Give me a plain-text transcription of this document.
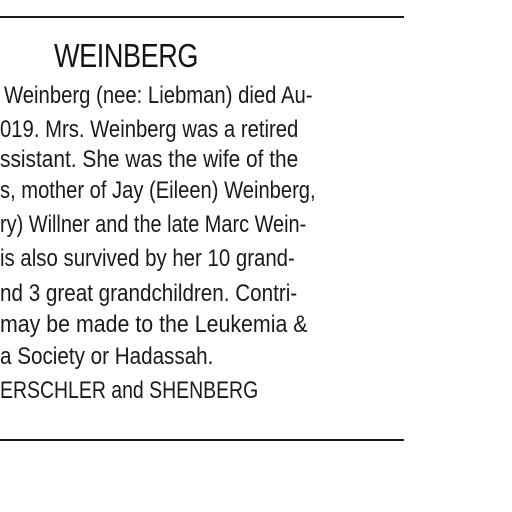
WEINBERG
Weinberg (nee: Liebman) died Au-
019. Mrs. Weinberg was a retired
ssistant. She was the wife of the
s, mother of Jay (Eileen) Weinberg,
ry) Willner and the late Marc Wein-
is also survived by her 10 grand-
nd 3 great grandchildren. Contri-
may be made to the Leukemia &
a Society or Hadassah.
ERSCHLER and SHENBERG
